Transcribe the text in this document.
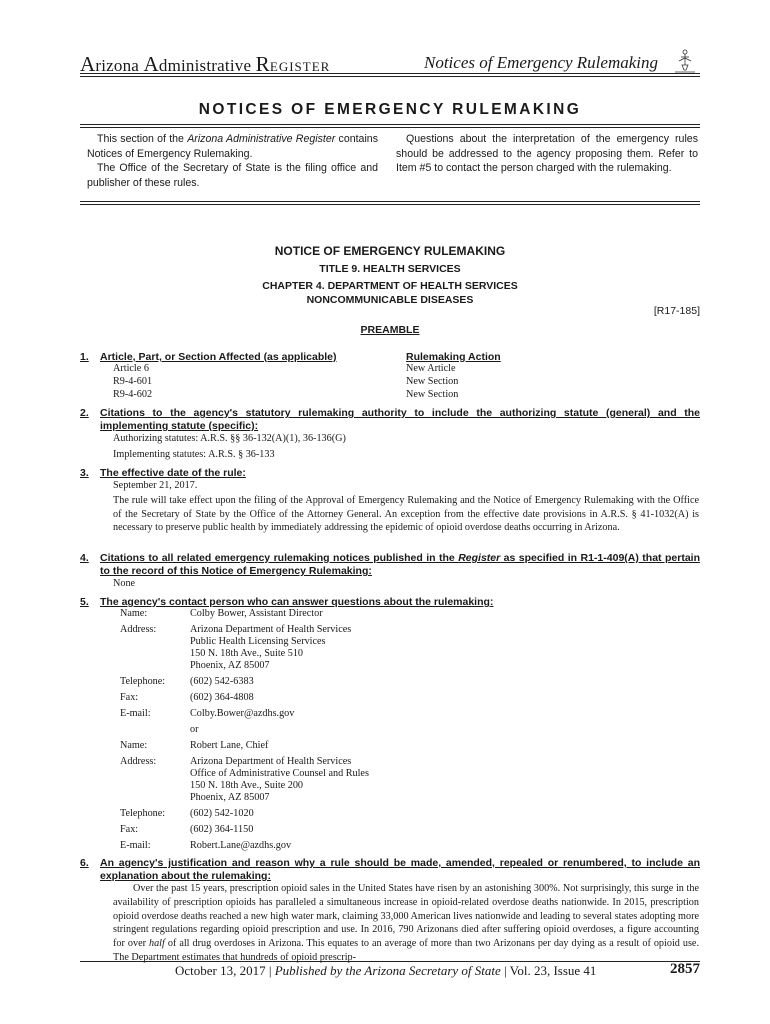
Arizona Administrative REGISTER	Notices of Emergency Rulemaking
NOTICES OF EMERGENCY RULEMAKING

This section of the Arizona Administrative Register contains Notices of Emergency Rulemaking.

The Office of the Secretary of State is the filing office and publisher of these rules.

Questions about the interpretation of the emergency rules should be addressed to the agency proposing them. Refer to Item #5 to contact the person charged with the rulemaking.

NOTICE OF EMERGENCY RULEMAKING
TITLE 9. HEALTH SERVICES
CHAPTER 4. DEPARTMENT OF HEALTH SERVICES
NONCOMMUNICABLE DISEASES
[R17-185]
PREAMBLE
1. Article, Part, or Section Affected (as applicable)	Rulemaking Action
Article 6	New Article
R9-4-601	New Section
R9-4-602	New Section
2. Citations to the agency's statutory rulemaking authority to include the authorizing statute (general) and the implementing statute (specific):
Authorizing statutes: A.R.S. §§ 36-132(A)(1), 36-136(G)
Implementing statutes: A.R.S. § 36-133
3. The effective date of the rule:
September 21, 2017.
The rule will take effect upon the filing of the Approval of Emergency Rulemaking and the Notice of Emergency Rulemaking with the Office of the Secretary of State by the Office of the Attorney General. An exception from the effective date provisions in A.R.S. § 41-1032(A) is necessary to preserve public health by immediately addressing the epidemic of opioid overdose deaths occurring in Arizona.
4. Citations to all related emergency rulemaking notices published in the Register as specified in R1-1-409(A) that pertain to the record of this Notice of Emergency Rulemaking:
None
5. The agency's contact person who can answer questions about the rulemaking:
Name:	Colby Bower, Assistant Director
Address:	Arizona Department of Health Services
Public Health Licensing Services
150 N. 18th Ave., Suite 510
Phoenix, AZ 85007
Telephone: (602) 542-6383
Fax:	(602) 364-4808
E-mail:	Colby.Bower@azdhs.gov
or
Name:	Robert Lane, Chief
Address:	Arizona Department of Health Services
Office of Administrative Counsel and Rules
150 N. 18th Ave., Suite 200
Phoenix, AZ 85007
Telephone: (602) 542-1020
Fax:	(602) 364-1150
E-mail:	Robert.Lane@azdhs.gov
6. An agency's justification and reason why a rule should be made, amended, repealed or renumbered, to include an explanation about the rulemaking:
Over the past 15 years, prescription opioid sales in the United States have risen by an astonishing 300%. Not surprisingly, this surge in the availability of prescription opioids has paralleled a simultaneous increase in opioid-related overdose deaths nationwide. In 2015, prescription opioid overdose deaths reached a new high water mark, claiming 33,000 American lives nationwide and leading to several states adopting more stringent regulations regarding opioid prescription and use. In 2016, 790 Arizonans died after suffering opioid overdoses, a figure accounting for over half of all drug overdoses in Arizona. This equates to an average of more than two Arizonans per day dying as a result of opioid use. The Department estimates that hundreds of opioid prescrip-
October 13, 2017 | Published by the Arizona Secretary of State | Vol. 23, Issue 41	2857
